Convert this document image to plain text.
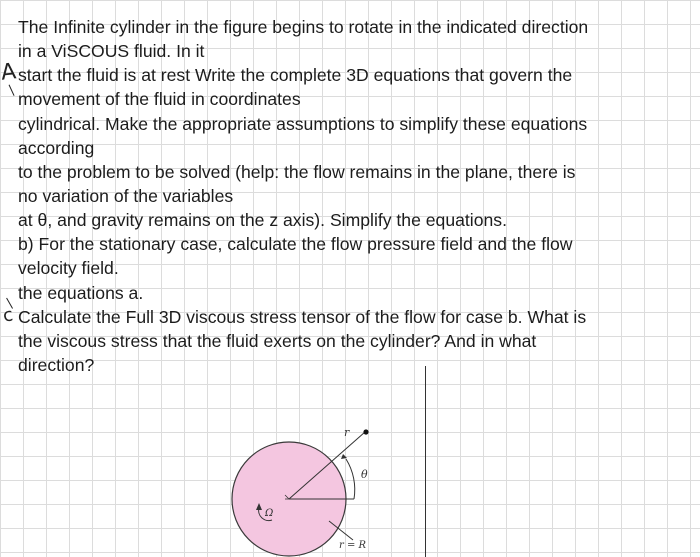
The Infinite cylinder in the figure begins to rotate in the indicated direction
in a ViSCOUS fluid. In it
start the fluid is at rest Write the complete 3D equations that govern the
movement of the fluid in coordinates
cylindrical. Make the appropriate assumptions to simplify these equations
according
to the problem to be solved (help: the flow remains in the plane, there is
no variation of the variables
at θ, and gravity remains on the z axis). Simplify the equations.
b) For the stationary case, calculate the flow pressure field and the flow
velocity field.
the equations a.
Calculate the Full 3D viscous stress tensor of the flow for case b. What is
the viscous stress that the fluid exerts on the cylinder? And in what
direction?
A
c
r
θ
Ω
r = R
